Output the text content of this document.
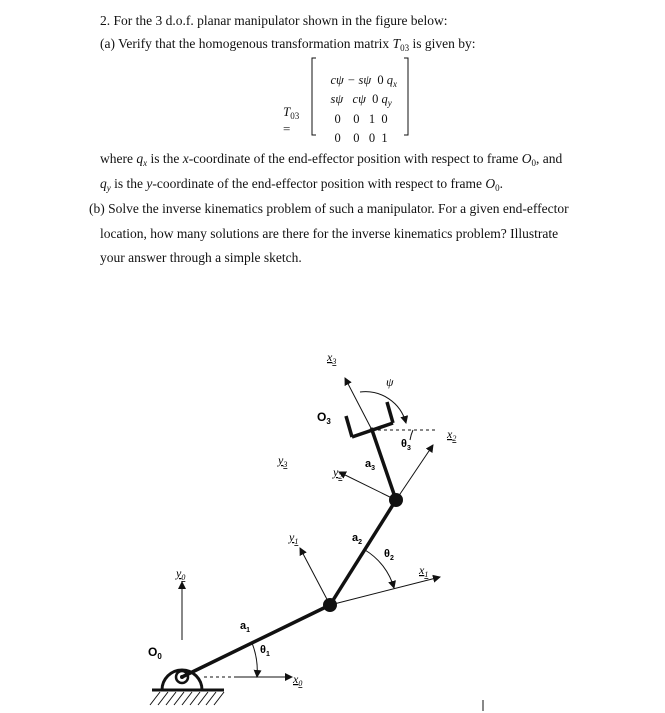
2. For the 3 d.o.f. planar manipulator shown in the figure below:
(a) Verify that the homogenous transformation matrix $T_{03}$ is given by:

$T_{03}$
=

cψ − sψ 0 $q_x$

sψ cψ 0 $q_y$

0 0 1 0

0 0 0 1

where $q_x$ is the x-coordinate of the end-effector position with respect to frame $O_0$, and
$q_y$ is the y-coordinate of the end-effector position with respect to frame $O_0$.
(b) Solve the inverse kinematics problem of such a manipulator. For a given end-effector
location, how many solutions are there for the inverse kinematics problem? Illustrate
your answer through a simple sketch.
$O_0$
$y_0$
$x_0$
$a_1$
$\theta_1$
$y_1$
$x_1$
$a_2$
$\theta_2$
$y_2$
$x_2$
$a_3$
$\theta_3$
$y_3$
$x_3$
$O_3$
ψ
